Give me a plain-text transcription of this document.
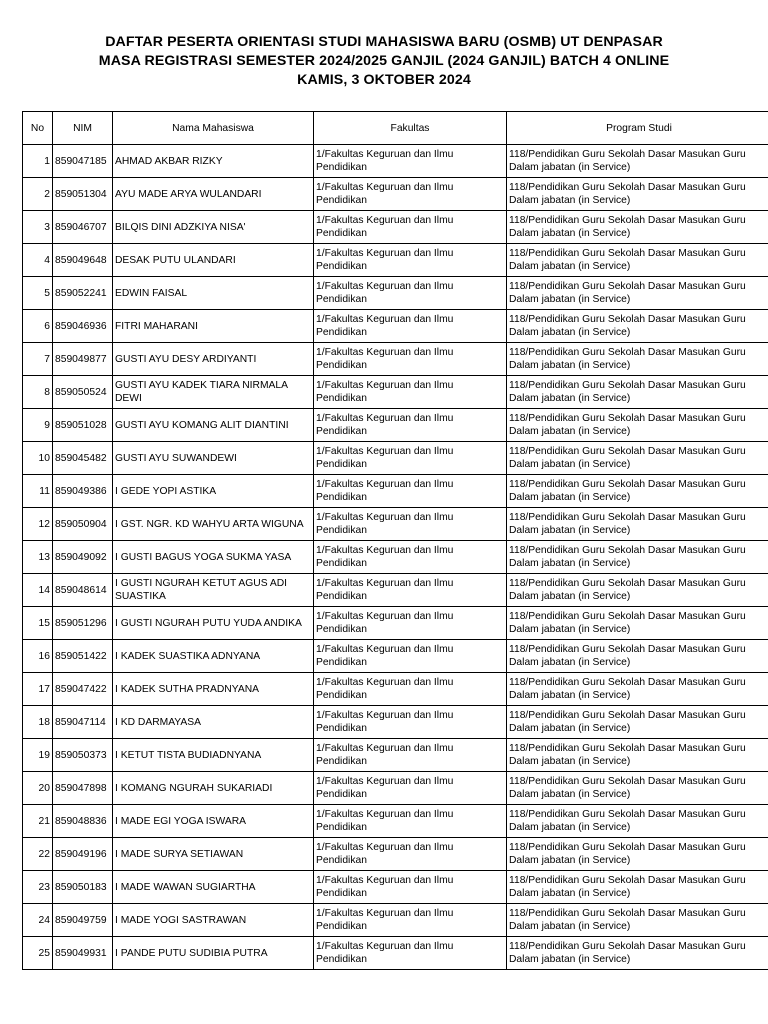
DAFTAR PESERTA ORIENTASI STUDI MAHASISWA BARU (OSMB) UT DENPASAR
MASA REGISTRASI SEMESTER 2024/2025 GANJIL (2024 GANJIL) BATCH 4 ONLINE
KAMIS, 3 OKTOBER 2024
No	NIM	Nama Mahasiswa	Fakultas	Program Studi
1	859047185	AHMAD AKBAR RIZKY	1/Fakultas Keguruan dan Ilmu Pendidikan	118/Pendidikan Guru Sekolah Dasar Masukan Guru Dalam jabatan (in Service)
2	859051304	AYU MADE ARYA WULANDARI	1/Fakultas Keguruan dan Ilmu Pendidikan	118/Pendidikan Guru Sekolah Dasar Masukan Guru Dalam jabatan (in Service)
3	859046707	BILQIS DINI ADZKIYA NISA'	1/Fakultas Keguruan dan Ilmu Pendidikan	118/Pendidikan Guru Sekolah Dasar Masukan Guru Dalam jabatan (in Service)
4	859049648	DESAK PUTU ULANDARI	1/Fakultas Keguruan dan Ilmu Pendidikan	118/Pendidikan Guru Sekolah Dasar Masukan Guru Dalam jabatan (in Service)
5	859052241	EDWIN FAISAL	1/Fakultas Keguruan dan Ilmu Pendidikan	118/Pendidikan Guru Sekolah Dasar Masukan Guru Dalam jabatan (in Service)
6	859046936	FITRI MAHARANI	1/Fakultas Keguruan dan Ilmu Pendidikan	118/Pendidikan Guru Sekolah Dasar Masukan Guru Dalam jabatan (in Service)
7	859049877	GUSTI AYU DESY ARDIYANTI	1/Fakultas Keguruan dan Ilmu Pendidikan	118/Pendidikan Guru Sekolah Dasar Masukan Guru Dalam jabatan (in Service)
8	859050524	GUSTI AYU KADEK TIARA NIRMALA DEWI	1/Fakultas Keguruan dan Ilmu Pendidikan	118/Pendidikan Guru Sekolah Dasar Masukan Guru Dalam jabatan (in Service)
9	859051028	GUSTI AYU KOMANG ALIT DIANTINI	1/Fakultas Keguruan dan Ilmu Pendidikan	118/Pendidikan Guru Sekolah Dasar Masukan Guru Dalam jabatan (in Service)
10	859045482	GUSTI AYU SUWANDEWI	1/Fakultas Keguruan dan Ilmu Pendidikan	118/Pendidikan Guru Sekolah Dasar Masukan Guru Dalam jabatan (in Service)
11	859049386	I GEDE YOPI ASTIKA	1/Fakultas Keguruan dan Ilmu Pendidikan	118/Pendidikan Guru Sekolah Dasar Masukan Guru Dalam jabatan (in Service)
12	859050904	I GST. NGR. KD WAHYU ARTA WIGUNA	1/Fakultas Keguruan dan Ilmu Pendidikan	118/Pendidikan Guru Sekolah Dasar Masukan Guru Dalam jabatan (in Service)
13	859049092	I GUSTI BAGUS YOGA SUKMA YASA	1/Fakultas Keguruan dan Ilmu Pendidikan	118/Pendidikan Guru Sekolah Dasar Masukan Guru Dalam jabatan (in Service)
14	859048614	I GUSTI NGURAH KETUT AGUS ADI SUASTIKA	1/Fakultas Keguruan dan Ilmu Pendidikan	118/Pendidikan Guru Sekolah Dasar Masukan Guru Dalam jabatan (in Service)
15	859051296	I GUSTI NGURAH PUTU YUDA ANDIKA	1/Fakultas Keguruan dan Ilmu Pendidikan	118/Pendidikan Guru Sekolah Dasar Masukan Guru Dalam jabatan (in Service)
16	859051422	I KADEK SUASTIKA ADNYANA	1/Fakultas Keguruan dan Ilmu Pendidikan	118/Pendidikan Guru Sekolah Dasar Masukan Guru Dalam jabatan (in Service)
17	859047422	I KADEK SUTHA PRADNYANA	1/Fakultas Keguruan dan Ilmu Pendidikan	118/Pendidikan Guru Sekolah Dasar Masukan Guru Dalam jabatan (in Service)
18	859047114	I KD DARMAYASA	1/Fakultas Keguruan dan Ilmu Pendidikan	118/Pendidikan Guru Sekolah Dasar Masukan Guru Dalam jabatan (in Service)
19	859050373	I KETUT TISTA BUDIADNYANA	1/Fakultas Keguruan dan Ilmu Pendidikan	118/Pendidikan Guru Sekolah Dasar Masukan Guru Dalam jabatan (in Service)
20	859047898	I KOMANG NGURAH SUKARIADI	1/Fakultas Keguruan dan Ilmu Pendidikan	118/Pendidikan Guru Sekolah Dasar Masukan Guru Dalam jabatan (in Service)
21	859048836	I MADE EGI YOGA ISWARA	1/Fakultas Keguruan dan Ilmu Pendidikan	118/Pendidikan Guru Sekolah Dasar Masukan Guru Dalam jabatan (in Service)
22	859049196	I MADE SURYA SETIAWAN	1/Fakultas Keguruan dan Ilmu Pendidikan	118/Pendidikan Guru Sekolah Dasar Masukan Guru Dalam jabatan (in Service)
23	859050183	I MADE WAWAN SUGIARTHA	1/Fakultas Keguruan dan Ilmu Pendidikan	118/Pendidikan Guru Sekolah Dasar Masukan Guru Dalam jabatan (in Service)
24	859049759	I MADE YOGI SASTRAWAN	1/Fakultas Keguruan dan Ilmu Pendidikan	118/Pendidikan Guru Sekolah Dasar Masukan Guru Dalam jabatan (in Service)
25	859049931	I PANDE PUTU SUDIBIA PUTRA	1/Fakultas Keguruan dan Ilmu Pendidikan	118/Pendidikan Guru Sekolah Dasar Masukan Guru Dalam jabatan (in Service)
